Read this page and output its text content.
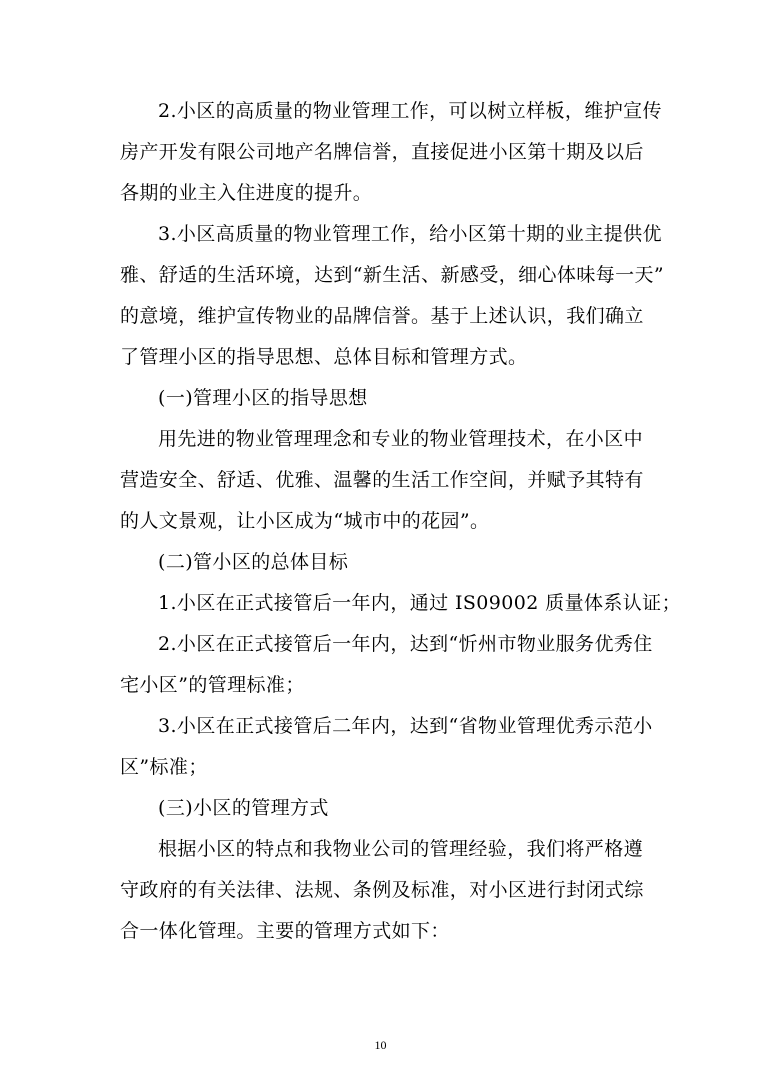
2.小区的高质量的物业管理工作，可以树立样板，维护宣传
房产开发有限公司地产名牌信誉，直接促进小区第十期及以后
各期的业主入住进度的提升。
3.小区高质量的物业管理工作，给小区第十期的业主提供优
雅、舒适的生活环境，达到“新生活、新感受，细心体味每一天”
的意境，维护宣传物业的品牌信誉。基于上述认识，我们确立
了管理小区的指导思想、总体目标和管理方式。
(一)管理小区的指导思想
用先进的物业管理理念和专业的物业管理技术，在小区中
营造安全、舒适、优雅、温馨的生活工作空间，并赋予其特有
的人文景观，让小区成为“城市中的花园”。
(二)管小区的总体目标
1.小区在正式接管后一年内，通过 IS09002 质量体系认证；
2.小区在正式接管后一年内，达到“忻州市物业服务优秀住
宅小区”的管理标准；
3.小区在正式接管后二年内，达到“省物业管理优秀示范小
区”标准；
(三)小区的管理方式
根据小区的特点和我物业公司的管理经验，我们将严格遵
守政府的有关法律、法规、条例及标准，对小区进行封闭式综
合一体化管理。主要的管理方式如下：
10
